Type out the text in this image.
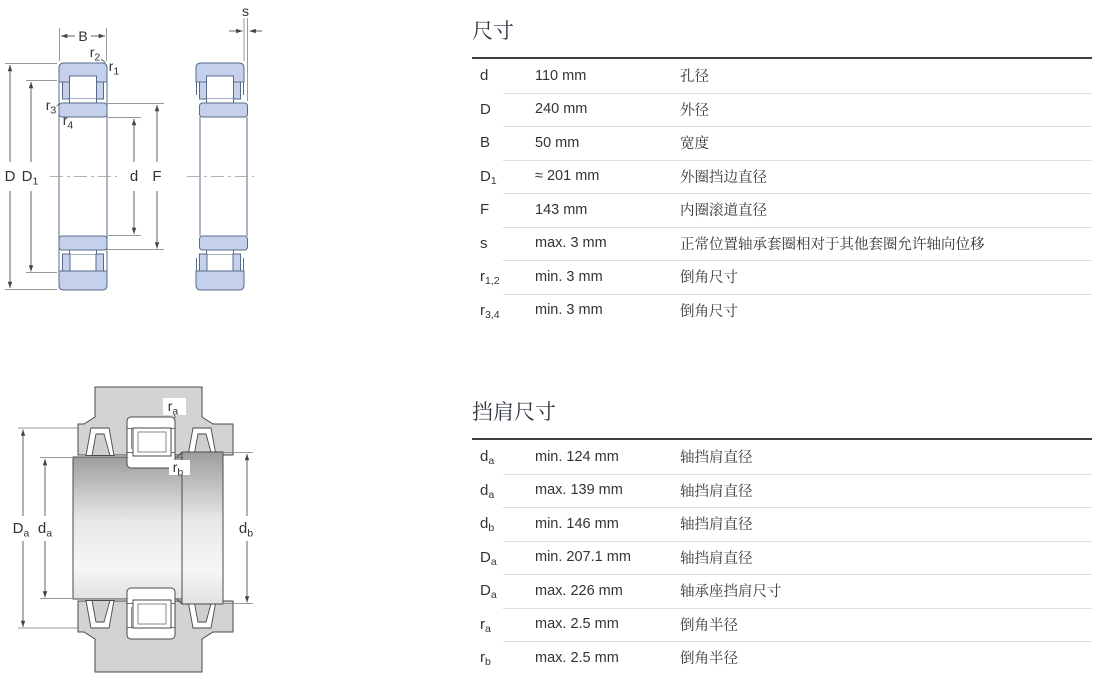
s
B
D $D_1$	d F
$r_2$
$r_1$
$r_3$
$r_4$
$D_a$ $d_a$	$d_b$
$r_a$
$r_b$
尺寸
d	110 mm	孔径
D	240 mm	外径
B	50 mm	宽度
$D_1$	≈ 201 mm	外圈挡边直径
F	143 mm	内圈滚道直径
s	max. 3 mm	正常位置轴承套圈相对于其他套圈允许轴向位移
$r_{1,2}$	min. 3 mm	倒角尺寸
$r_{3,4}$	min. 3 mm	倒角尺寸
挡肩尺寸
$d_a$	min. 124 mm	轴挡肩直径
$d_a$	max. 139 mm	轴挡肩直径
$d_b$	min. 146 mm	轴挡肩直径
$D_a$	min. 207.1 mm	轴挡肩直径
$D_a$	max. 226 mm	轴承座挡肩尺寸
$r_a$	max. 2.5 mm	倒角半径
$r_b$	max. 2.5 mm	倒角半径
